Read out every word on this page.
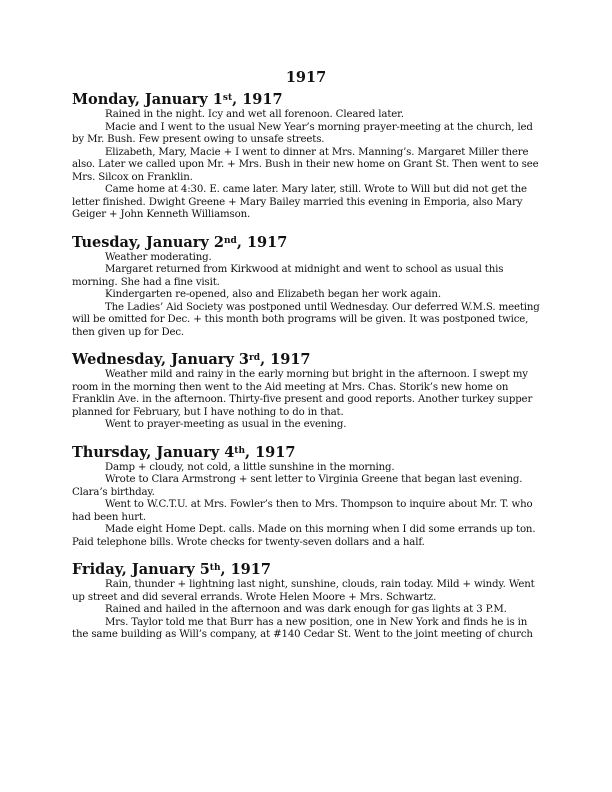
1917
Monday, January 1st, 1917

Rained in the night. Icy and wet all forenoon. Cleared later.

Macie and I went to the usual New Year’s morning prayer-meeting at the church, led by Mr. Bush. Few present owing to unsafe streets.

Elizabeth, Mary, Macie + I went to dinner at Mrs. Manning’s. Margaret Miller there also. Later we called upon Mr. + Mrs. Bush in their new home on Grant St. Then went to see Mrs. Silcox on Franklin.

Came home at 4:30. E. came later. Mary later, still. Wrote to Will but did not get the letter finished. Dwight Greene + Mary Bailey married this evening in Emporia, also Mary Geiger + John Kenneth Williamson.

Tuesday, January 2nd, 1917

Weather moderating.

Margaret returned from Kirkwood at midnight and went to school as usual this morning. She had a fine visit.

Kindergarten re-opened, also and Elizabeth began her work again.

The Ladies’ Aid Society was postponed until Wednesday. Our deferred W.M.S. meeting will be omitted for Dec. + this month both programs will be given. It was postponed twice, then given up for Dec.

Wednesday, January 3rd, 1917

Weather mild and rainy in the early morning but bright in the afternoon. I swept my room in the morning then went to the Aid meeting at Mrs. Chas. Storik’s new home on Franklin Ave. in the afternoon. Thirty-five present and good reports. Another turkey supper planned for February, but I have nothing to do in that.

Went to prayer-meeting as usual in the evening.

Thursday, January 4th, 1917

Damp + cloudy, not cold, a little sunshine in the morning.

Wrote to Clara Armstrong + sent letter to Virginia Greene that began last evening. Clara’s birthday.

Went to W.C.T.U. at Mrs. Fowler’s then to Mrs. Thompson to inquire about Mr. T. who had been hurt.

Made eight Home Dept. calls. Made on this morning when I did some errands up ton. Paid telephone bills. Wrote checks for twenty-seven dollars and a half.

Friday, January 5th, 1917

Rain, thunder + lightning last night, sunshine, clouds, rain today. Mild + windy. Went up street and did several errands. Wrote Helen Moore + Mrs. Schwartz.

Rained and hailed in the afternoon and was dark enough for gas lights at 3 P.M.

Mrs. Taylor told me that Burr has a new position, one in New York and finds he is in the same building as Will’s company, at #140 Cedar St. Went to the joint meeting of church
